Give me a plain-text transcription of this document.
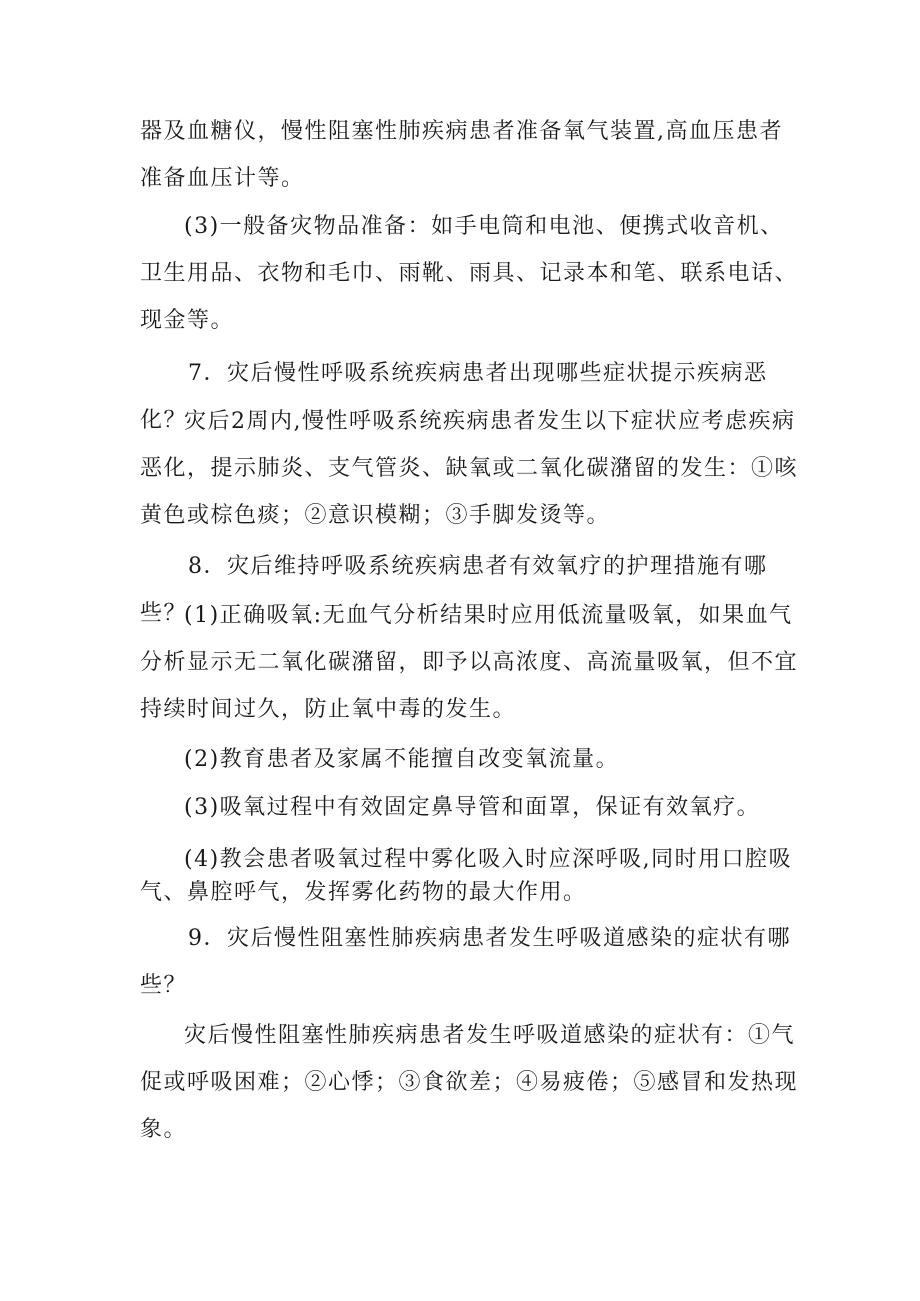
器及血糖仪，慢性阻塞性肺疾病患者准备氧气装置,高血压患者准备血压计等。

(3)一般备灾物品准备：如手电筒和电池、便携式收音机、卫生用品、衣物和毛巾、雨靴、雨具、记录本和笔、联系电话、现金等。

7．灾后慢性呼吸系统疾病患者出现哪些症状提示疾病恶化？

灾后2周内,慢性呼吸系统疾病患者发生以下症状应考虑疾病恶化，提示肺炎、支气管炎、缺氧或二氧化碳潴留的发生：①咳黄色或棕色痰；②意识模糊；③手脚发烫等。

8．灾后维持呼吸系统疾病患者有效氧疗的护理措施有哪些？

(1)正确吸氧:无血气分析结果时应用低流量吸氧，如果血气分析显示无二氧化碳潴留，即予以高浓度、高流量吸氧，但不宜持续时间过久，防止氧中毒的发生。

(2)教育患者及家属不能擅自改变氧流量。

(3)吸氧过程中有效固定鼻导管和面罩，保证有效氧疗。

(4)教会患者吸氧过程中雾化吸入时应深呼吸,同时用口腔吸气、鼻腔呼气，发挥雾化药物的最大作用。

9．灾后慢性阻塞性肺疾病患者发生呼吸道感染的症状有哪些？

灾后慢性阻塞性肺疾病患者发生呼吸道感染的症状有：①气促或呼吸困难；②心悸；③食欲差；④易疲倦；⑤感冒和发热现象。
